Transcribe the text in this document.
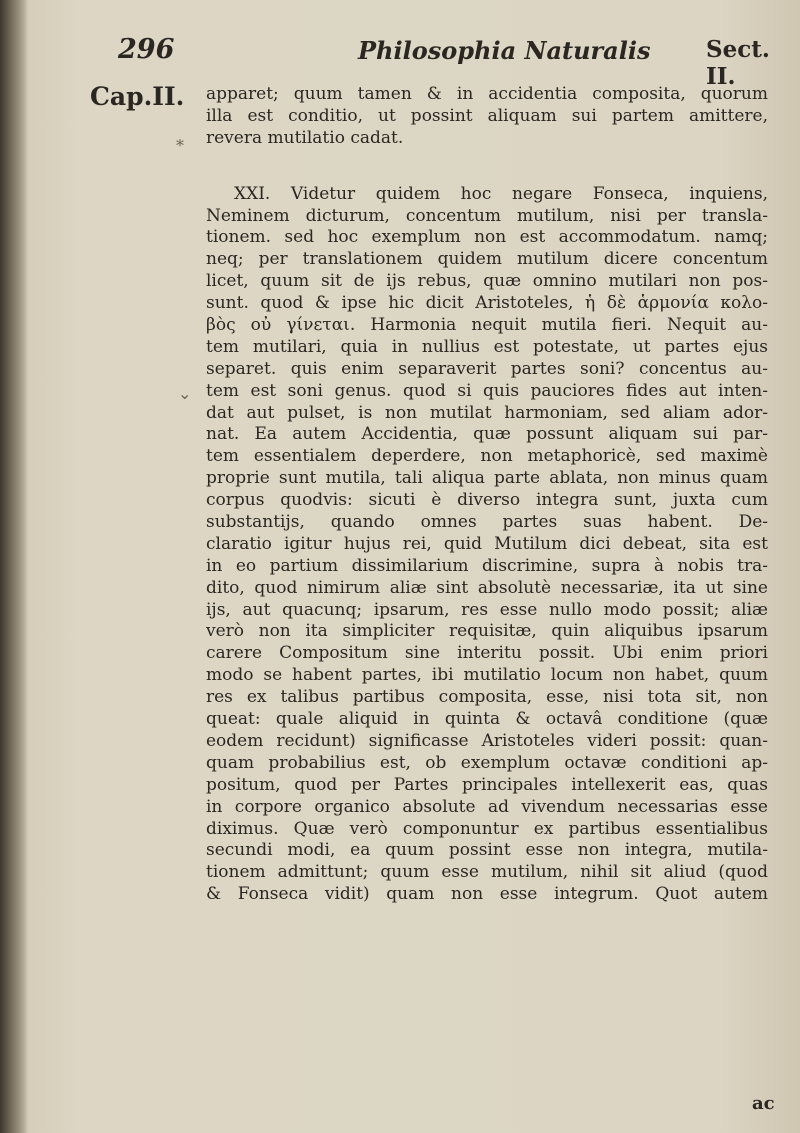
296	Philosophia Naturalis Sect. II.
Cap.II.
*
⌄
apparet; quum tamen & in accidentia composita, quorum
illa est conditio, ut possint aliquam sui partem amittere,
revera mutilatio cadat.
XXI. Videtur quidem hoc negare Fonseca, inquiens,
Neminem dicturum, concentum mutilum, nisi per transla-
tionem. sed hoc exemplum non est accommodatum. namq;
neq; per translationem quidem mutilum dicere concentum
licet, quum sit de ijs rebus, quæ omnino mutilari non pos-
sunt. quod & ipse hic dicit Aristoteles, ἡ δὲ ἁρμονία κολο-
βὸς οὐ γίνεται. Harmonia nequit mutila fieri. Nequit au-
tem mutilari, quia in nullius est potestate, ut partes ejus
separet. quis enim separaverit partes soni? concentus au-
tem est soni genus. quod si quis pauciores fides aut inten-
dat aut pulset, is non mutilat harmoniam, sed aliam ador-
nat. Ea autem Accidentia, quæ possunt aliquam sui par-
tem essentialem deperdere, non metaphoricè, sed maximè
proprie sunt mutila, tali aliqua parte ablata, non minus quam
corpus quodvis: sicuti è diverso integra sunt, juxta cum
substantijs, quando omnes partes suas habent. De-
claratio igitur hujus rei, quid Mutilum dici debeat, sita est
in eo partium dissimilarium discrimine, supra à nobis tra-
dito, quod nimirum aliæ sint absolutè necessariæ, ita ut sine
ijs, aut quacunq; ipsarum, res esse nullo modo possit; aliæ
verò non ita simpliciter requisitæ, quin aliquibus ipsarum
carere Compositum sine interitu possit. Ubi enim priori
modo se habent partes, ibi mutilatio locum non habet, quum
res ex talibus partibus composita, esse, nisi tota sit, non
queat: quale aliquid in quinta & octavâ conditione (quæ
eodem recidunt) significasse Aristoteles videri possit: quan-
quam probabilius est, ob exemplum octavæ conditioni ap-
positum, quod per Partes principales intellexerit eas, quas
in corpore organico absolute ad vivendum necessarias esse
diximus. Quæ verò componuntur ex partibus essentialibus
secundi modi, ea quum possint esse non integra, mutila-
tionem admittunt; quum esse mutilum, nihil sit aliud (quod
& Fonseca vidit) quam non esse integrum. Quot autem
ac
